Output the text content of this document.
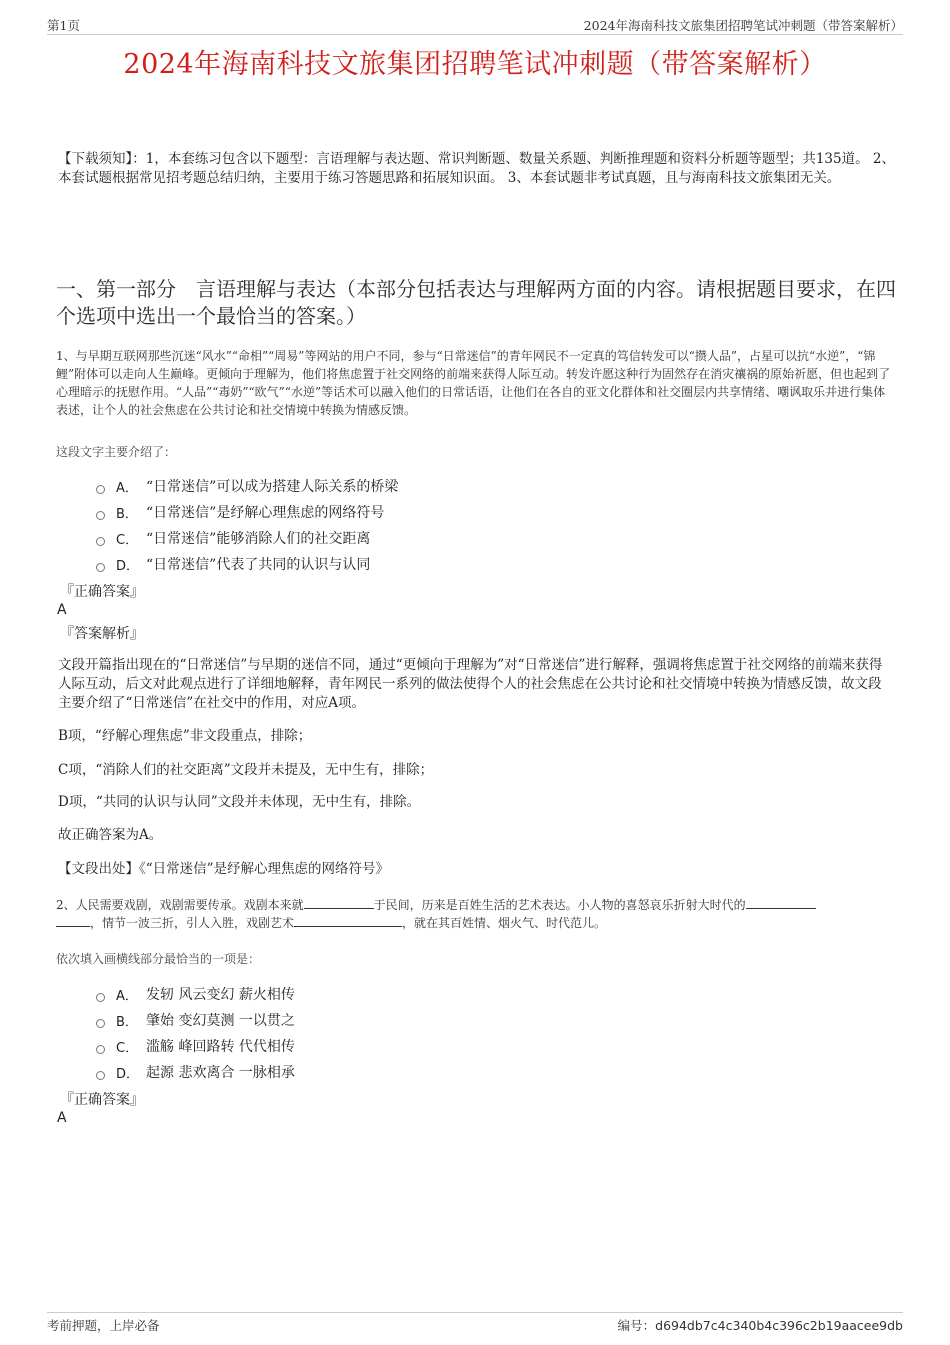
第1页	2024年海南科技文旅集团招聘笔试冲刺题（带答案解析）
2024年海南科技文旅集团招聘笔试冲刺题（带答案解析）
【下载须知】：1，本套练习包含以下题型：言语理解与表达题、常识判断题、数量关系题、判断推理题和资料分析题等题型；共135道。 2、本套试题根据常见招考题总结归纳，主要用于练习答题思路和拓展知识面。 3、本套试题非考试真题，且与海南科技文旅集团无关。
一、第一部分　言语理解与表达（本部分包括表达与理解两方面的内容。请根据题目要求，在四个选项中选出一个最恰当的答案。）
1、与早期互联网那些沉迷“风水”“命相”“周易”等网站的用户不同，参与“日常迷信”的青年网民不一定真的笃信转发可以“攒人品”，占星可以抗“水逆”，“锦鲤”附体可以走向人生巅峰。更倾向于理解为，他们将焦虑置于社交网络的前端来获得人际互动。转发许愿这种行为固然存在消灾禳祸的原始祈愿，但也起到了心理暗示的抚慰作用。“人品”“毒奶”“欧气”“水逆”等话术可以融入他们的日常话语，让他们在各自的亚文化群体和社交圈层内共享情绪、嘲讽取乐并进行集体表述，让个人的社会焦虑在公共讨论和社交情境中转换为情感反馈。
这段文字主要介绍了：
A． “日常迷信”可以成为搭建人际关系的桥梁
B． “日常迷信”是纾解心理焦虑的网络符号
C． “日常迷信”能够消除人们的社交距离
D． “日常迷信”代表了共同的认识与认同
『正确答案』
A
『答案解析』
文段开篇指出现在的“日常迷信”与早期的迷信不同，通过“更倾向于理解为”对“日常迷信”进行解释，强调将焦虑置于社交网络的前端来获得人际互动，后文对此观点进行了详细地解释，青年网民一系列的做法使得个人的社会焦虑在公共讨论和社交情境中转换为情感反馈，故文段主要介绍了“日常迷信”在社交中的作用，对应A项。
B项，“纾解心理焦虑”非文段重点，排除；
C项，“消除人们的社交距离”文段并未提及，无中生有，排除；
D项，“共同的认识与认同”文段并未体现，无中生有，排除。
故正确答案为A。
【文段出处】《“日常迷信”是纾解心理焦虑的网络符号》
2、人民需要戏剧，戏剧需要传承。戏剧本来就	于民间，历来是百姓生活的艺术表达。小人物的喜怒哀乐折射大时代的
，情节一波三折，引人入胜，戏剧艺术	，就在其百姓情、烟火气、时代范儿。
依次填入画横线部分最恰当的一项是：
A． 发轫 风云变幻 薪火相传
B． 肇始 变幻莫测 一以贯之
C． 滥觞 峰回路转 代代相传
D． 起源 悲欢离合 一脉相承
『正确答案』
A
考前押题，上岸必备	编号：d694db7c4c340b4c396c2b19aacee9db
